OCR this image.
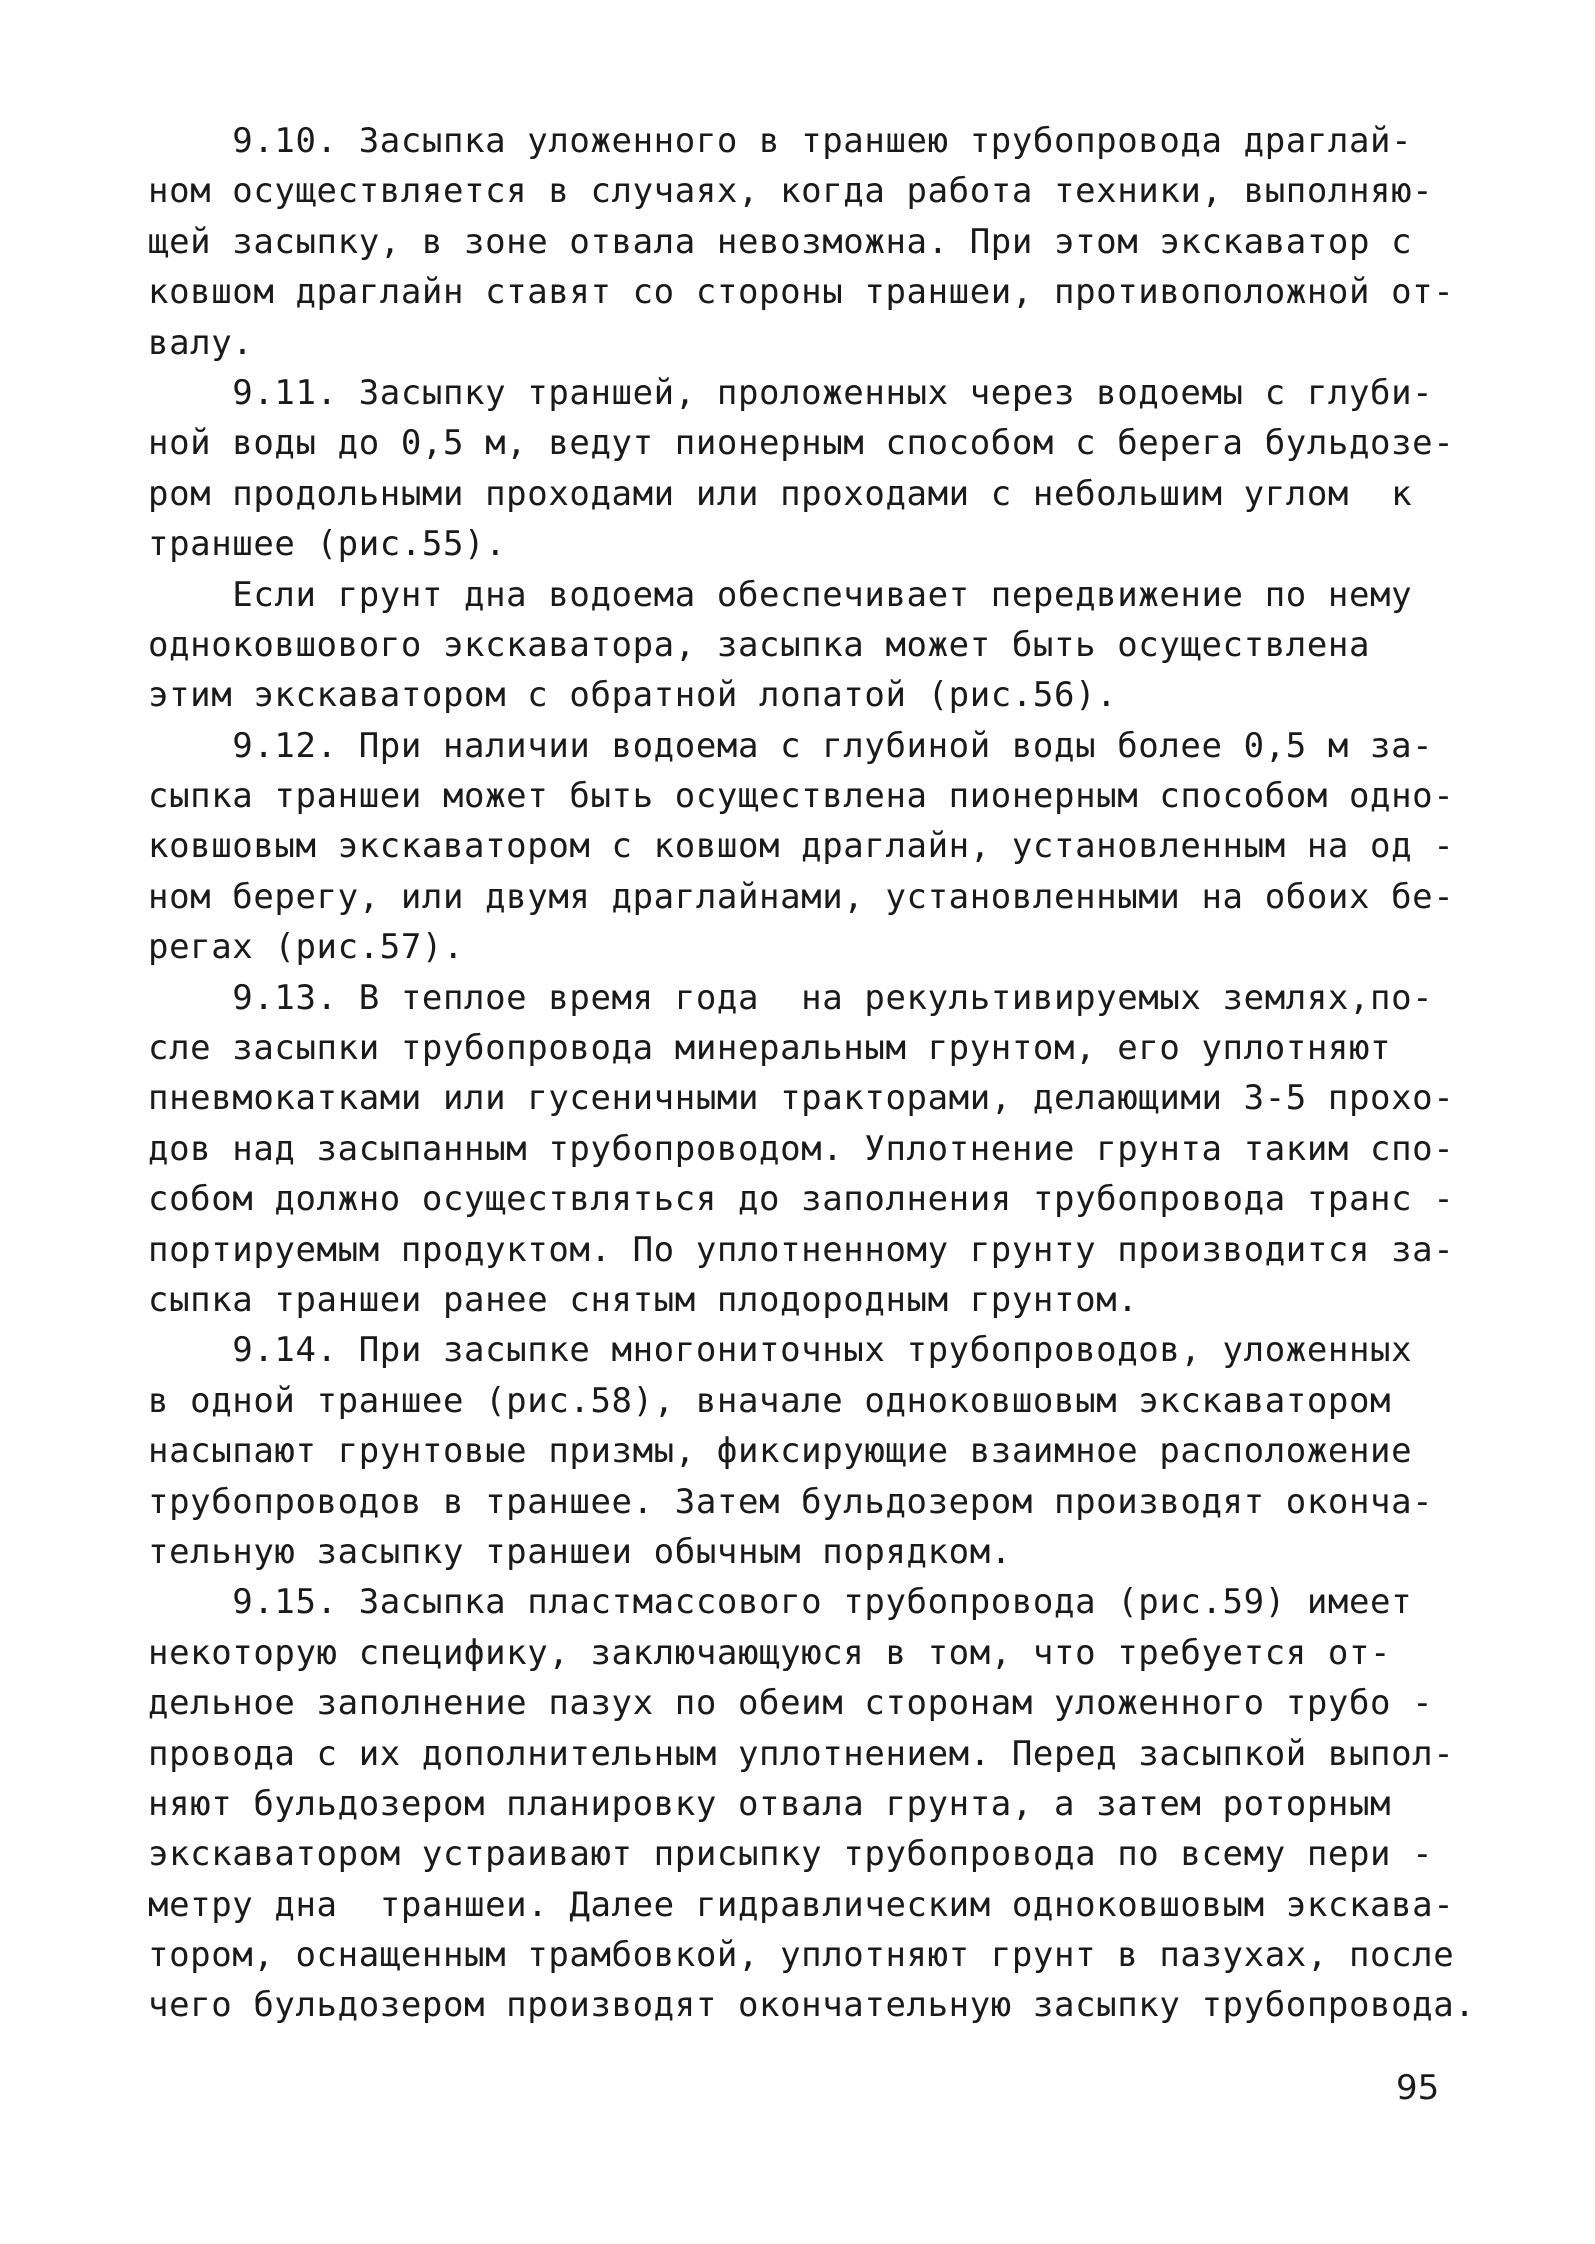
9.10. Засыпка уложенного в траншею трубопровода драглай-
ном осуществляется в случаях, когда работа техники, выполняю-
щей засыпку, в зоне отвала невозможна. При этом экскаватор с
ковшом драглайн ставят со стороны траншеи, противоположной от-
валу.
9.11. Засыпку траншей, проложенных через водоемы с глуби-
ной воды до 0,5 м, ведут пионерным способом с берега бульдозе-
ром продольными проходами или проходами с небольшим углом  к
траншее (рис.55).
Если грунт дна водоема обеспечивает передвижение по нему
одноковшового экскаватора, засыпка может быть осуществлена
этим экскаватором с обратной лопатой (рис.56).
9.12. При наличии водоема с глубиной воды более 0,5 м за-
сыпка траншеи может быть осуществлена пионерным способом одно-
ковшовым экскаватором с ковшом драглайн, установленным на од -
ном берегу, или двумя драглайнами, установленными на обоих бе-
регах (рис.57).
9.13. В теплое время года  на рекультивируемых землях,по-
сле засыпки трубопровода минеральным грунтом, его уплотняют
пневмокатками или гусеничными тракторами, делающими 3-5 прохо-
дов над засыпанным трубопроводом. Уплотнение грунта таким спо-
собом должно осуществляться до заполнения трубопровода транс -
портируемым продуктом. По уплотненному грунту производится за-
сыпка траншеи ранее снятым плодородным грунтом.
9.14. При засыпке многониточных трубопроводов, уложенных
в одной траншее (рис.58), вначале одноковшовым экскаватором
насыпают грунтовые призмы, фиксирующие взаимное расположение
трубопроводов в траншее. Затем бульдозером производят оконча-
тельную засыпку траншеи обычным порядком.
9.15. Засыпка пластмассового трубопровода (рис.59) имеет
некоторую специфику, заключающуюся в том, что требуется от-
дельное заполнение пазух по обеим сторонам уложенного трубо -
провода с их дополнительным уплотнением. Перед засыпкой выпол-
няют бульдозером планировку отвала грунта, а затем роторным
экскаватором устраивают присыпку трубопровода по всему пери -
метру дна  траншеи. Далее гидравлическим одноковшовым экскава-
тором, оснащенным трамбовкой, уплотняют грунт в пазухах, после
чего бульдозером производят окончательную засыпку трубопровода.
95
